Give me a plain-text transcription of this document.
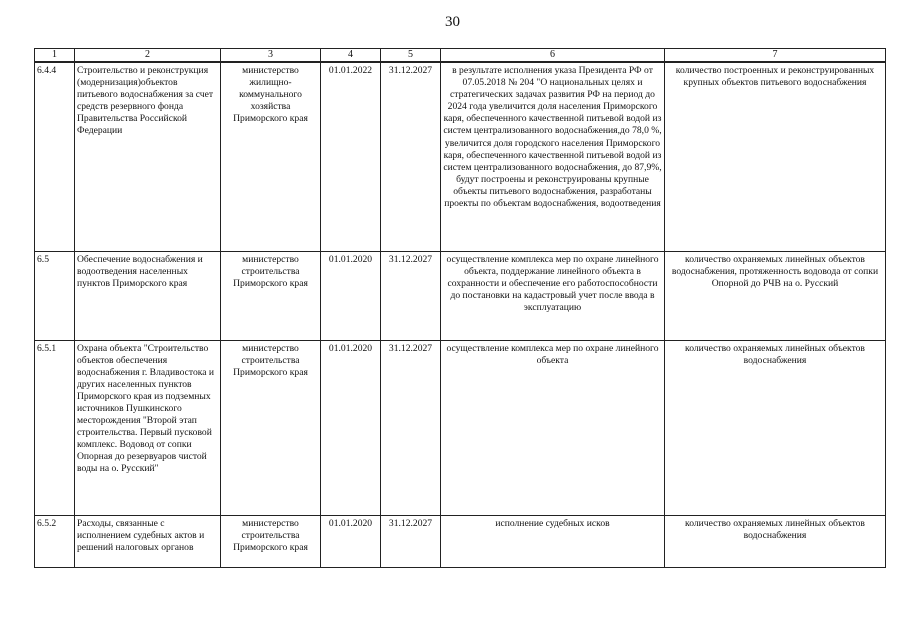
30
1	2	3	4	5	6	7
6.4.4	Строительство и реконструкция (модернизация)объектов питьевого водоснабжения за счет средств резервного фонда Правительства Российской Федерации	министерство жилищно-коммунального хозяйства Приморского края	01.01.2022	31.12.2027	в результате исполнения указа Президента РФ от 07.05.2018 № 204 "О национальных целях и стратегических задачах развития РФ на период до 2024 года увеличится доля населения Приморского каря, обеспеченного качественной питьевой водой из систем централизованного водоснабжения,до 78,0 %, увеличится доля городского населения Приморского каря, обеспеченного качественной питьевой водой из систем централизованного водоснабжения, до 87,9%, будут построены и реконструированы крупные объекты питьевого водоснабжения, разработаны проекты по объектам водоснабжения, водоотведения	количество построенных и реконструированных крупных объектов питьевого водоснабжения
6.5	Обеспечение водоснабжения и водоотведения населенных пунктов Приморского края	министерство строительства Приморского края	01.01.2020	31.12.2027	осуществление комплекса мер по охране линейного объекта, поддержание линейного объекта в сохранности и обеспечение его работоспособности до постановки на кадастровый учет после ввода в эксплуатацию	количество охраняемых линейных объектов водоснабжения, протяженность водовода от сопки Опорной до РЧВ на о. Русский
6.5.1	Охрана объекта "Строительство объектов обеспечения водоснабжения г. Владивостока и других населенных пунктов Приморского края из подземных источников Пушкинского месторождения "Второй этап строительства. Первый пусковой комплекс. Водовод от сопки Опорная до резервуаров чистой воды на о. Русский"	министерство строительства Приморского края	01.01.2020	31.12.2027	осуществление комплекса мер по охране линейного объекта	количество охраняемых линейных объектов водоснабжения
6.5.2	Расходы, связанные с исполнением судебных актов и решений налоговых органов	министерство строительства Приморского края	01.01.2020	31.12.2027	исполнение судебных исков	количество охраняемых линейных объектов водоснабжения
